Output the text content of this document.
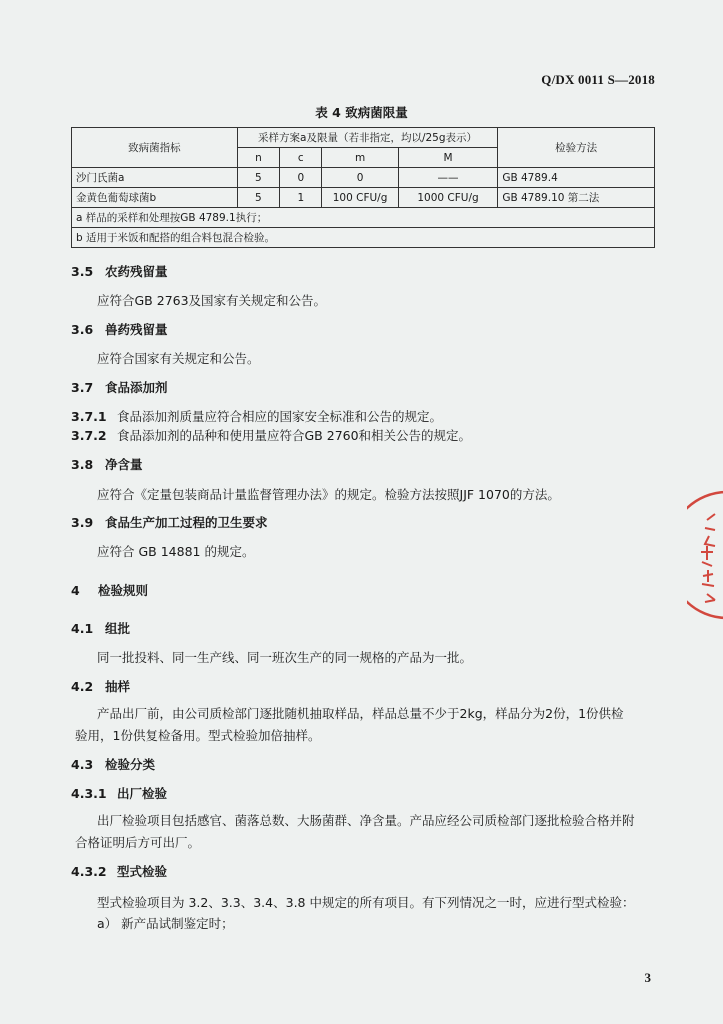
Q/DX 0011 S—2018
表 4 致病菌限量
致病菌指标	采样方案a及限量（若非指定，均以/25g表示）				检验方法
	n	c	m	M	
沙门氏菌a	5	0	0	——	GB 4789.4
金黄色葡萄球菌b	5	1	100 CFU/g	1000 CFU/g	GB 4789.10 第二法
a 样品的采样和处理按GB 4789.1执行；					
b 适用于米饭和配搭的组合料包混合检验。					
3.5 农药残留量
应符合GB 2763及国家有关规定和公告。
3.6 兽药残留量
应符合国家有关规定和公告。
3.7 食品添加剂
3.7.1 食品添加剂质量应符合相应的国家安全标准和公告的规定。
3.7.2 食品添加剂的品种和使用量应符合GB 2760和相关公告的规定。
3.8 净含量
应符合《定量包装商品计量监督管理办法》的规定。检验方法按照JJF 1070的方法。
3.9 食品生产加工过程的卫生要求
应符合 GB 14881 的规定。
4 检验规则
4.1 组批
同一批投料、同一生产线、同一班次生产的同一规格的产品为一批。
4.2 抽样
产品出厂前，由公司质检部门逐批随机抽取样品，样品总量不少于2kg，样品分为2份，1份供检验用，1份供复检备用。型式检验加倍抽样。
4.3 检验分类
4.3.1 出厂检验
出厂检验项目包括感官、菌落总数、大肠菌群、净含量。产品应经公司质检部门逐批检验合格并附合格证明后方可出厂。
4.3.2 型式检验
型式检验项目为 3.2、3.3、3.4、3.8 中规定的所有项目。有下列情况之一时，应进行型式检验：
a） 新产品试制鉴定时；
3
